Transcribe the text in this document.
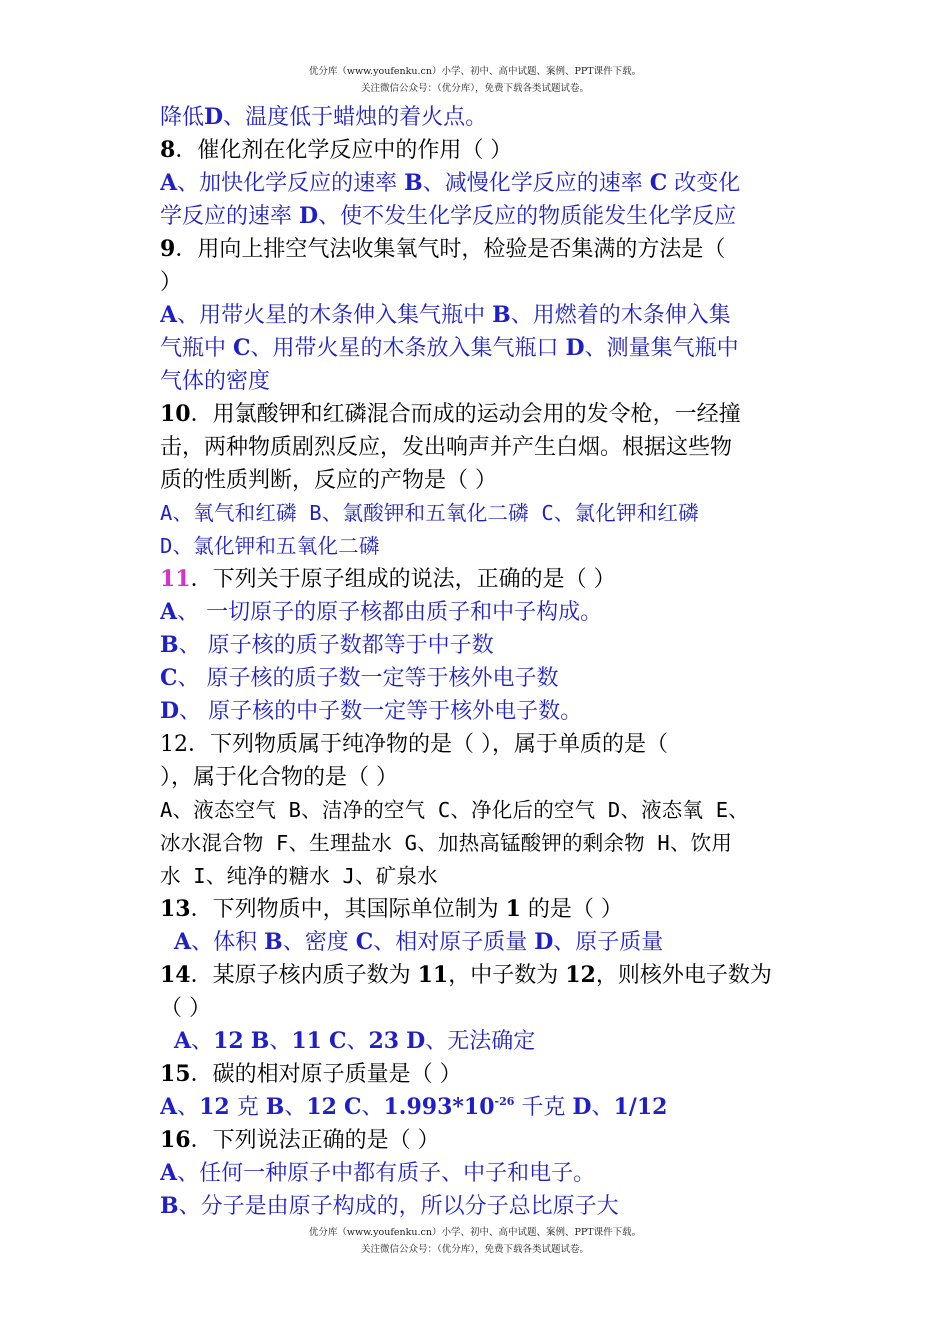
优分库（www.youfenku.cn）小学、初中、高中试题、案例、PPT课件下载。
关注微信公众号：（优分库），免费下载各类试题试卷。
降低D、温度低于蜡烛的着火点。
8．催化剂在化学反应中的作用（ ）
A、加快化学反应的速率 B、减慢化学反应的速率 C 改变化
学反应的速率 D、使不发生化学反应的物质能发生化学反应
9．用向上排空气法收集氧气时，检验是否集满的方法是（
）
A、用带火星的木条伸入集气瓶中 B、用燃着的木条伸入集
气瓶中 C、用带火星的木条放入集气瓶口 D、测量集气瓶中
气体的密度
10．用氯酸钾和红磷混合而成的运动会用的发令枪，一经撞
击，两种物质剧烈反应，发出响声并产生白烟。根据这些物
质的性质判断，反应的产物是（ ）
A、氧气和红磷 B、氯酸钾和五氧化二磷 C、氯化钾和红磷
D、氯化钾和五氧化二磷
11．下列关于原子组成的说法，正确的是（ ）
A、 一切原子的原子核都由质子和中子构成。
B、 原子核的质子数都等于中子数
C、 原子核的质子数一定等于核外电子数
D、 原子核的中子数一定等于核外电子数。
12．下列物质属于纯净物的是（ ），属于单质的是（
），属于化合物的是（ ）
A、液态空气 B、洁净的空气 C、净化后的空气 D、液态氧 E、
冰水混合物 F、生理盐水 G、加热高锰酸钾的剩余物 H、饮用
水 I、纯净的糖水 J、矿泉水
13．下列物质中，其国际单位制为 1 的是（ ）
A、体积 B、密度 C、相对原子质量 D、原子质量
14．某原子核内质子数为 11，中子数为 12，则核外电子数为
（ ）
A、12 B、11 C、23 D、无法确定
15．碳的相对原子质量是（ ）
A、12 克 B、12 C、$1.993*10^{-26}$ 千克 D、1/12
16．下列说法正确的是（ ）
A、任何一种原子中都有质子、中子和电子。
B、分子是由原子构成的，所以分子总比原子大
优分库（www.youfenku.cn）小学、初中、高中试题、案例、PPT课件下载。
关注微信公众号：（优分库），免费下载各类试题试卷。
